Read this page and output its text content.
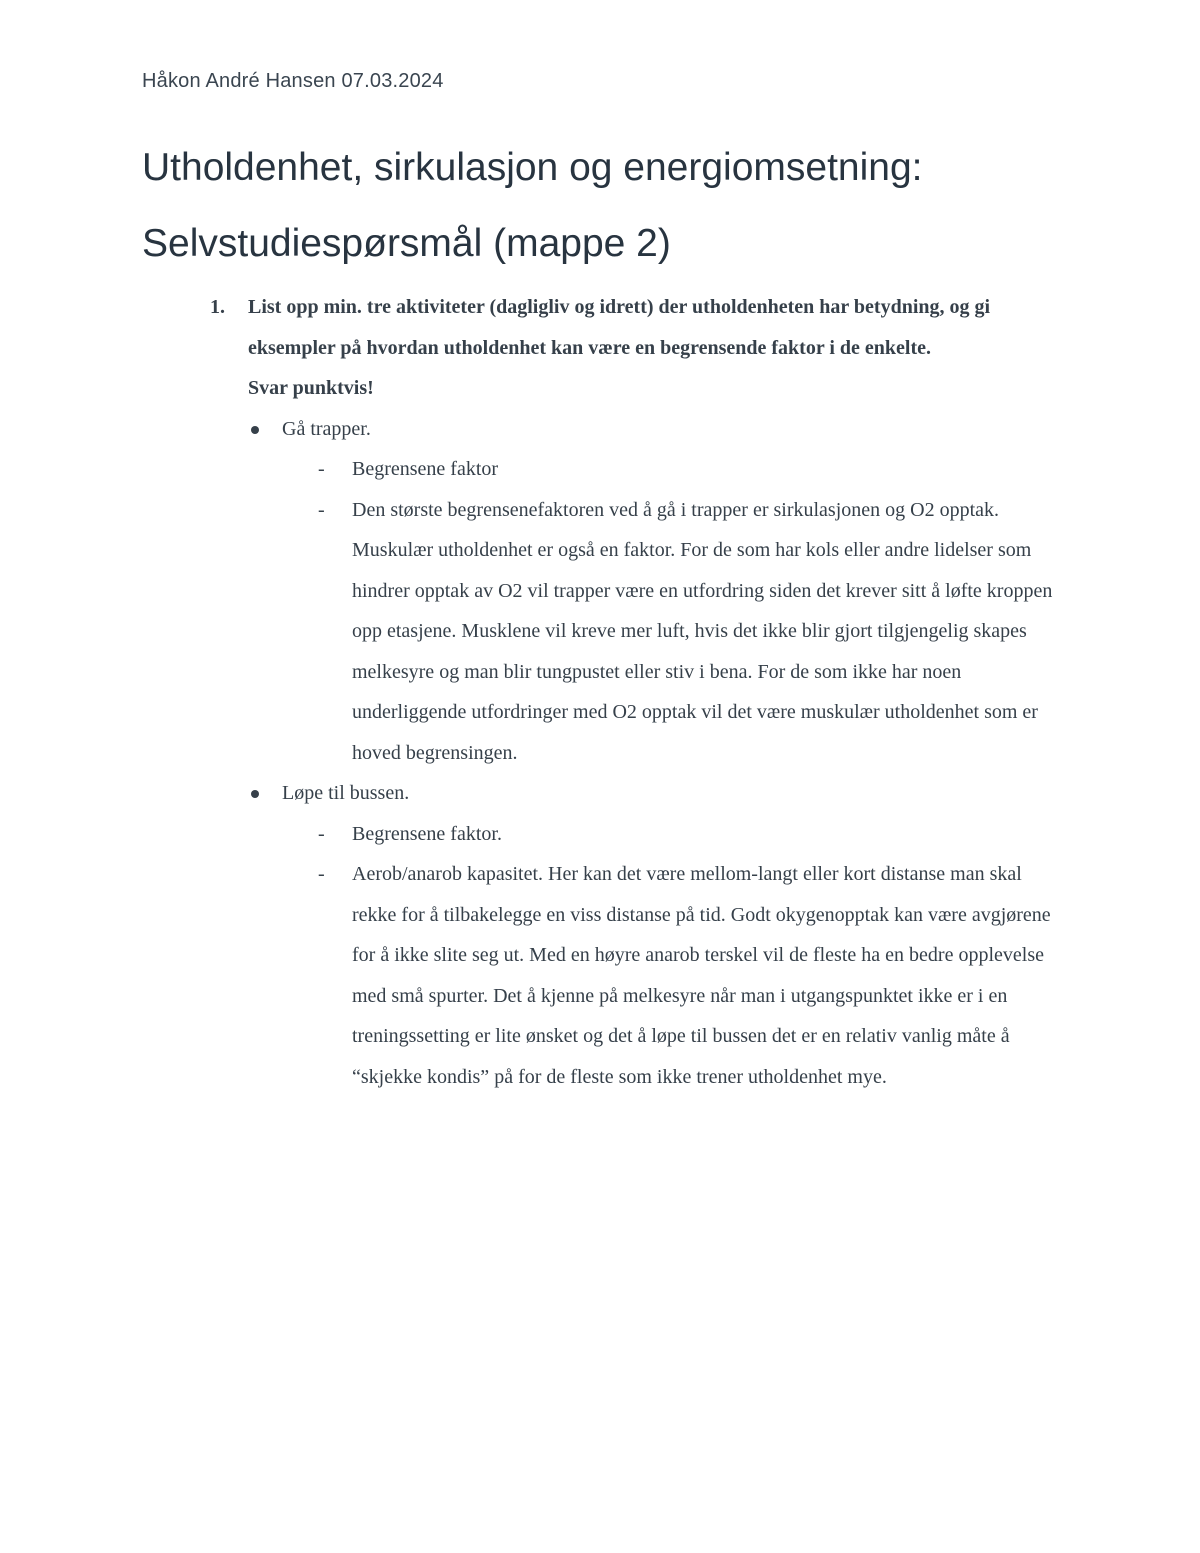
Håkon André Hansen 07.03.2024
Utholdenhet, sirkulasjon og energiomsetning:
Selvstudiespørsmål (mappe 2)
1. List opp min. tre aktiviteter (dagligliv og idrett) der utholdenheten har betydning, og gi eksempler på hvordan utholdenhet kan være en begrensende faktor i de enkelte.
Svar punktvis!
Gå trapper.
- Begrensene faktor
- Den største begrensenefaktoren ved å gå i trapper er sirkulasjonen og O2 opptak. Muskulær utholdenhet er også en faktor. For de som har kols eller andre lidelser som hindrer opptak av O2 vil trapper være en utfordring siden det krever sitt å løfte kroppen opp etasjene. Musklene vil kreve mer luft, hvis det ikke blir gjort tilgjengelig skapes melkesyre og man blir tungpustet eller stiv i bena. For de som ikke har noen underliggende utfordringer med O2 opptak vil det være muskulær utholdenhet som er hoved begrensingen.
Løpe til bussen.
- Begrensene faktor.
- Aerob/anarob kapasitet. Her kan det være mellom-langt eller kort distanse man skal rekke for å tilbakelegge en viss distanse på tid. Godt okygenopptak kan være avgjørene for å ikke slite seg ut. Med en høyre anarob terskel vil de fleste ha en bedre opplevelse med små spurter. Det å kjenne på melkesyre når man i utgangspunktet ikke er i en treningssetting er lite ønsket og det å løpe til bussen det er en relativ vanlig måte å “skjekke kondis” på for de fleste som ikke trener utholdenhet mye.
